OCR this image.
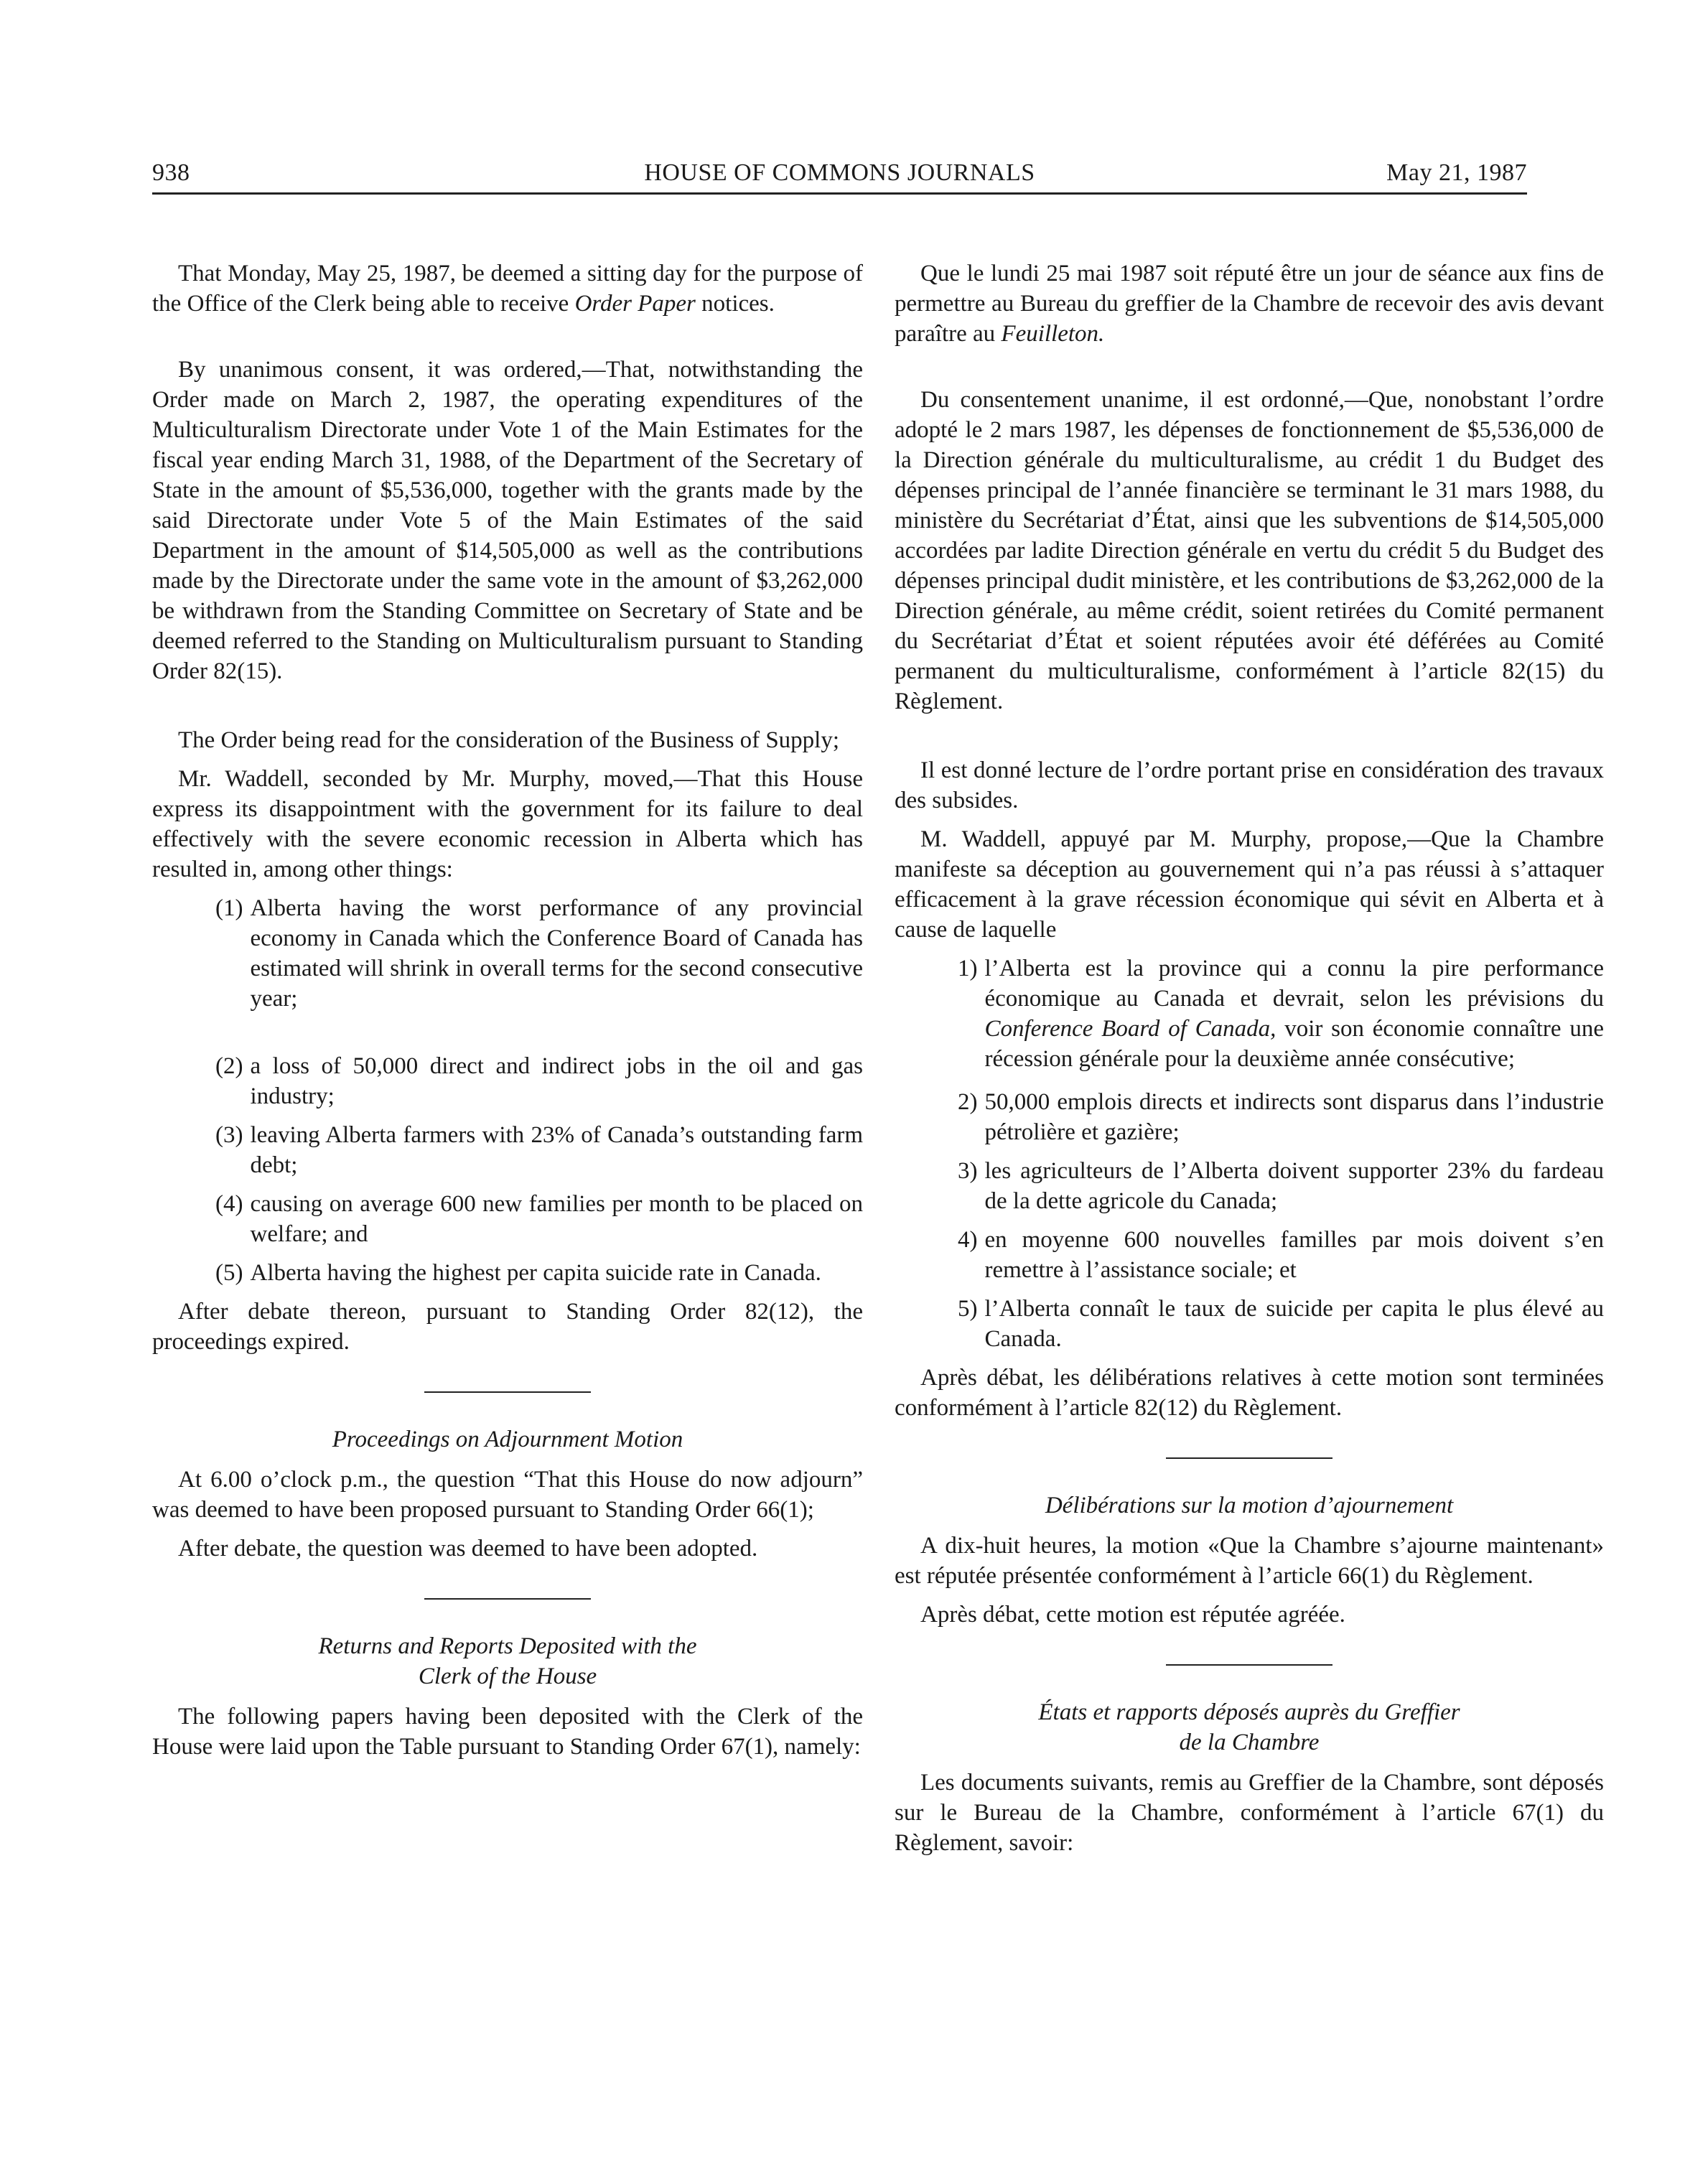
938	HOUSE OF COMMONS JOURNALS	May 21, 1987

That Monday, May 25, 1987, be deemed a sitting day for the purpose of the Office of the Clerk being able to receive Order Paper notices.

By unanimous consent, it was ordered,—That, notwithstanding the Order made on March 2, 1987, the operating expenditures of the Multiculturalism Directorate under Vote 1 of the Main Estimates for the fiscal year ending March 31, 1988, of the Department of the Secretary of State in the amount of $5,536,000, together with the grants made by the said Directorate under Vote 5 of the Main Estimates of the said Department in the amount of $14,505,000 as well as the contributions made by the Directorate under the same vote in the amount of $3,262,000 be withdrawn from the Standing Committee on Secretary of State and be deemed referred to the Standing on Multiculturalism pursuant to Standing Order 82(15).

The Order being read for the consideration of the Business of Supply;

Mr. Waddell, seconded by Mr. Murphy, moved,—That this House express its disappointment with the government for its failure to deal effectively with the severe economic recession in Alberta which has resulted in, among other things:

(1) Alberta having the worst performance of any provincial economy in Canada which the Conference Board of Canada has estimated will shrink in overall terms for the second consecutive year;
(2) a loss of 50,000 direct and indirect jobs in the oil and gas industry;
(3) leaving Alberta farmers with 23% of Canada’s outstanding farm debt;
(4) causing on average 600 new families per month to be placed on welfare; and
(5) Alberta having the highest per capita suicide rate in Canada.

After debate thereon, pursuant to Standing Order 82(12), the proceedings expired.

Proceedings on Adjournment Motion

At 6.00 o’clock p.m., the question “That this House do now adjourn” was deemed to have been proposed pursuant to Standing Order 66(1);

After debate, the question was deemed to have been adopted.

Returns and Reports Deposited with the
Clerk of the House

The following papers having been deposited with the Clerk of the House were laid upon the Table pursuant to Standing Order 67(1), namely:

Que le lundi 25 mai 1987 soit réputé être un jour de séance aux fins de permettre au Bureau du greffier de la Chambre de recevoir des avis devant paraître au Feuilleton.

Du consentement unanime, il est ordonné,—Que, nonobstant l’ordre adopté le 2 mars 1987, les dépenses de fonctionnement de $5,536,000 de la Direction générale du multiculturalisme, au crédit 1 du Budget des dépenses principal de l’année financière se terminant le 31 mars 1988, du ministère du Secrétariat d’État, ainsi que les subventions de $14,505,000 accordées par ladite Direction générale en vertu du crédit 5 du Budget des dépenses principal dudit ministère, et les contributions de $3,262,000 de la Direction générale, au même crédit, soient retirées du Comité permanent du Secrétariat d’État et soient réputées avoir été déférées au Comité permanent du multiculturalisme, conformément à l’article 82(15) du Règlement.

Il est donné lecture de l’ordre portant prise en considération des travaux des subsides.

M. Waddell, appuyé par M. Murphy, propose,—Que la Chambre manifeste sa déception au gouvernement qui n’a pas réussi à s’attaquer efficacement à la grave récession économique qui sévit en Alberta et à cause de laquelle

1) l’Alberta est la province qui a connu la pire performance économique au Canada et devrait, selon les prévisions du Conference Board of Canada, voir son économie connaître une récession générale pour la deuxième année consécutive;
2) 50,000 emplois directs et indirects sont disparus dans l’industrie pétrolière et gazière;
3) les agriculteurs de l’Alberta doivent supporter 23% du fardeau de la dette agricole du Canada;
4) en moyenne 600 nouvelles familles par mois doivent s’en remettre à l’assistance sociale; et
5) l’Alberta connaît le taux de suicide per capita le plus élevé au Canada.

Après débat, les délibérations relatives à cette motion sont terminées conformément à l’article 82(12) du Règlement.

Délibérations sur la motion d’ajournement

A dix-huit heures, la motion «Que la Chambre s’ajourne maintenant» est réputée présentée conformément à l’article 66(1) du Règlement.

Après débat, cette motion est réputée agréée.

États et rapports déposés auprès du Greffier
de la Chambre

Les documents suivants, remis au Greffier de la Chambre, sont déposés sur le Bureau de la Chambre, conformément à l’article 67(1) du Règlement, savoir:
